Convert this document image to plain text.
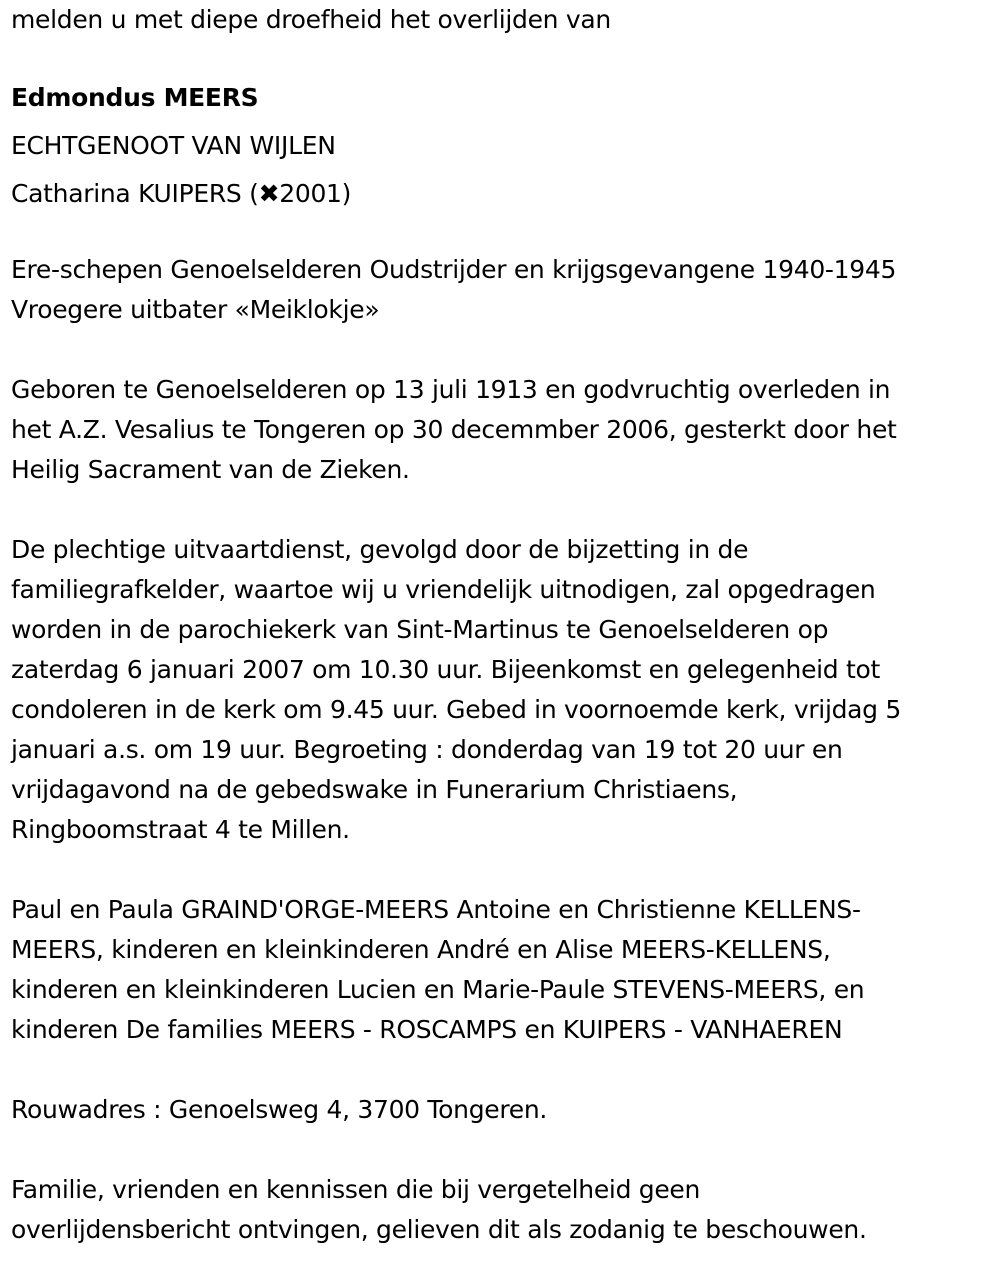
melden u met diepe droefheid het overlijden van
Edmondus MEERS
ECHTGENOOT VAN WIJLEN
Catharina KUIPERS (✖2001)
Ere-schepen Genoelselderen Oudstrijder en krijgsgevangene 1940-1945
Vroegere uitbater «Meiklokje»
Geboren te Genoelselderen op 13 juli 1913 en godvruchtig overleden in
het A.Z. Vesalius te Tongeren op 30 decemmber 2006, gesterkt door het
Heilig Sacrament van de Zieken.
De plechtige uitvaartdienst, gevolgd door de bijzetting in de
familiegrafkelder, waartoe wij u vriendelijk uitnodigen, zal opgedragen
worden in de parochiekerk van Sint-Martinus te Genoelselderen op
zaterdag 6 januari 2007 om 10.30 uur. Bijeenkomst en gelegenheid tot
condoleren in de kerk om 9.45 uur. Gebed in voornoemde kerk, vrijdag 5
januari a.s. om 19 uur. Begroeting : donderdag van 19 tot 20 uur en
vrijdagavond na de gebedswake in Funerarium Christiaens,
Ringboomstraat 4 te Millen.
Paul en Paula GRAIND'ORGE-MEERS Antoine en Christienne KELLENS-
MEERS, kinderen en kleinkinderen André en Alise MEERS-KELLENS,
kinderen en kleinkinderen Lucien en Marie-Paule STEVENS-MEERS, en
kinderen De families MEERS - ROSCAMPS en KUIPERS - VANHAEREN
Rouwadres : Genoelsweg 4, 3700 Tongeren.
Familie, vrienden en kennissen die bij vergetelheid geen
overlijdensbericht ontvingen, gelieven dit als zodanig te beschouwen.
